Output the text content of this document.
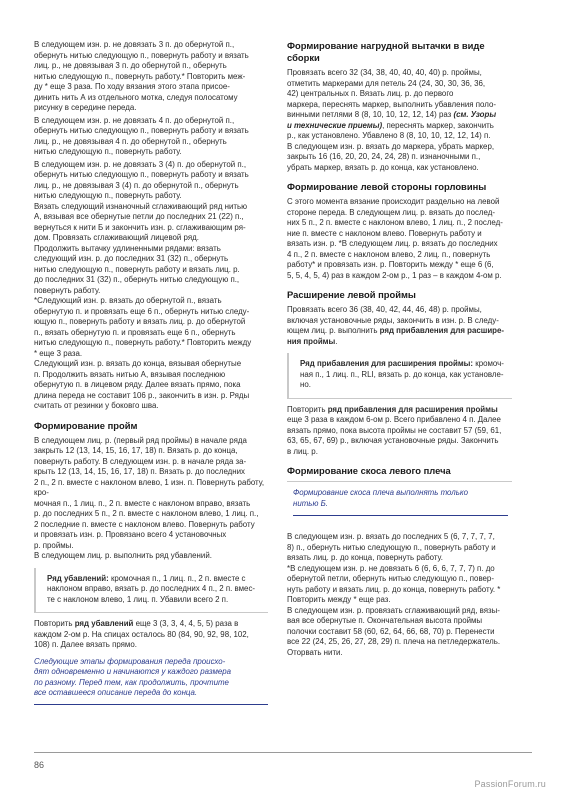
В следующем изн. р. не довязать 3 п. до обернутой п.,
обернуть нитью следующую п., повернуть работу и вязать
лиц. р., не довязывая 3 п. до обернутой п., обернуть
нитью следующую п., повернуть работу.* Повторить меж-
ду * еще 3 раза. По ходу вязания этого этапа присое-
динить нить А из отдельного мотка, следуя полосатому
рисунку в середине переда.

В следующем изн. р. не довязать 4 п. до обернутой п.,
обернуть нитью следующую п., повернуть работу и вязать
лиц. р., не довязывая 4 п. до обернутой п., обернуть
нитью следующую п., повернуть работу.

В следующем изн. р. не довязать 3 (4) п. до обернутой п.,
обернуть нитью следующую п., повернуть работу и вязать
лиц. р., не довязывая 3 (4) п. до обернутой п., обернуть
нитью следующую п., повернуть работу.
Вязать следующий изнаночный сглаживающий ряд нитью
А, вязывая все обернутые петли до последних 21 (22) п.,
вернуться к нити Б и закончить изн. р. сглаживающим ря-
дом. Провязать сглаживающий лицевой ряд.
Продолжить вытачку удлиненными рядами: вязать
следующий изн. р. до последних 31 (32) п., обернуть
нитью следующую п., повернуть работу и вязать лиц. р.
до последних 31 (32) п., обернуть нитью следующую п.,
повернуть работу.
*Следующий изн. р. вязать до обернутой п., вязать
обернутую п. и провязать еще 6 п., обернуть нитью следу-
ющую п., повернуть работу и вязать лиц. р. до обернутой
п., вязать обернутую п. и провязать еще 6 п., обернуть
нитью следующую п., повернуть работу.* Повторить между
* еще 3 раза.
Следующий изн. р. вязать до конца, вязывая обернутые
п. Продолжить вязать нитью А, вязывая последнюю
обернутую п. в лицевом ряду. Далее вязать прямо, пока
длина переда не составит 106 р., закончить в изн. р. Ряды
считать от резинки у боковго шва.

Формирование пройм

В следующем лиц. р. (первый ряд проймы) в начале ряда
закрыть 12 (13, 14, 15, 16, 17, 18) п. Вязать р. до конца,
повернуть работу. В следующем изн. р. в начале ряда за-
крыть 12 (13, 14, 15, 16, 17, 18) п. Вязать р. до последних
2 п., 2 п. вместе с наклоном влево, 1 изн. п. Повернуть работу, кро-
мочная п., 1 лиц. п., 2 п. вместе с наклоном вправо, вязать
р. до последних 5 п., 2 п. вместе с наклоном влево, 1 лиц. п.,
2 последние п. вместе с наклоном влево. Повернуть работу
и провязать изн. р. Провязано всего 4 установочных
р. проймы.
В следующем лиц. р. выполнить ряд убавлений.

Ряд убавлений: кромочная п., 1 лиц. п., 2 п. вместе с
наклоном вправо, вязать р. до последних 4 п., 2 п. вмес-
те с наклоном влево, 1 лиц. п. Убавили всего 2 п.

Повторить ряд убавлений еще 3 (3, 3, 4, 4, 5, 5) раза в
каждом 2-ом р. На спицах осталось 80 (84, 90, 92, 98, 102,
108) п. Далее вязать прямо.

Следующие этапы формирования переда происхо-
дят одновременно и начинаются у каждого размера
по разному. Перед тем, как продолжить, прочтите
все оставшееся описание переда до конца.

Формирование нагрудной вытачки в виде сборки

Провязать всего 32 (34, 38, 40, 40, 40, 40) р. проймы,
отметить маркерами для петель 24 (24, 30, 30, 36, 36,
42) центральных п. Вязать лиц. р. до первого
маркера, переснять маркер, выполнить убавления поло-
винными петлями 8 (8, 10, 10, 12, 12, 14) раз (см. Узоры
и технические приемы), переснять маркер, закончить
р., как установлено. Убавлено 8 (8, 10, 10, 12, 12, 14) п.
В следующем изн. р. вязать до маркера, убрать маркер,
закрыть 16 (16, 20, 20, 24, 24, 28) п. изнаночными п.,
убрать маркер, вязать р. до конца, как установлено.

Формирование левой стороны горловины

С этого момента вязание происходит раздельно на левой
стороне переда. В следующем лиц. р. вязать до послед-
них 5 п., 2 п. вместе с наклоном влево, 1 лиц. п., 2 послед-
ние п. вместе с наклоном влево. Повернуть работу и
вязать изн. р. *В следующем лиц. р. вязать до последних
4 п., 2 п. вместе с наклоном влево, 2 лиц. п., повернуть
работу* и провязать изн. р. Повторить между * еще 6 (6,
5, 5, 4, 5, 4) раз в каждом 2-ом р., 1 раз – в каждом 4-ом р.

Расширение левой проймы

Провязать всего 36 (38, 40, 42, 44, 46, 48) р. проймы,
включая установочные ряды, закончить в изн. р. В следу-
ющем лиц. р. выполнить ряд прибавления для расшире-
ния проймы.

Ряд прибавления для расширения проймы: кромоч-
ная п., 1 лиц. п., RLI, вязать р. до конца, как установле-
но.

Повторить ряд прибавления для расширения проймы
еще 3 раза в каждом 6-ом р. Всего прибавлено 4 п. Далее
вязать прямо, пока высота проймы не составит 57 (59, 61,
63, 65, 67, 69) р., включая установочные ряды. Закончить
в лиц. р.

Формирование скоса левого плеча

Формирование скоса плеча выполнять только
нитью Б.

В следующем изн. р. вязать до последних 5 (6, 7, 7, 7, 7,
8) п., обернуть нитью следующую п., повернуть работу и
вязать лиц. р. до конца, повернуть работу.
*В следующем изн. р. не довязать 6 (6, 6, 6, 7, 7, 7) п. до
обернутой петли, обернуть нитью следующую п., повер-
нуть работу и вязать лиц. р. до конца, повернуть работу. *
Повторить между * еще раз.
В следующем изн. р. провязать сглаживающий ряд, вязы-
вая все обернутые п. Окончательная высота проймы
полочки составит 58 (60, 62, 64, 66, 68, 70) р. Перенести
все 22 (24, 25, 26, 27, 28, 29) п. плеча на петледержатель.
Оторвать нити.

86
PassionForum.ru
